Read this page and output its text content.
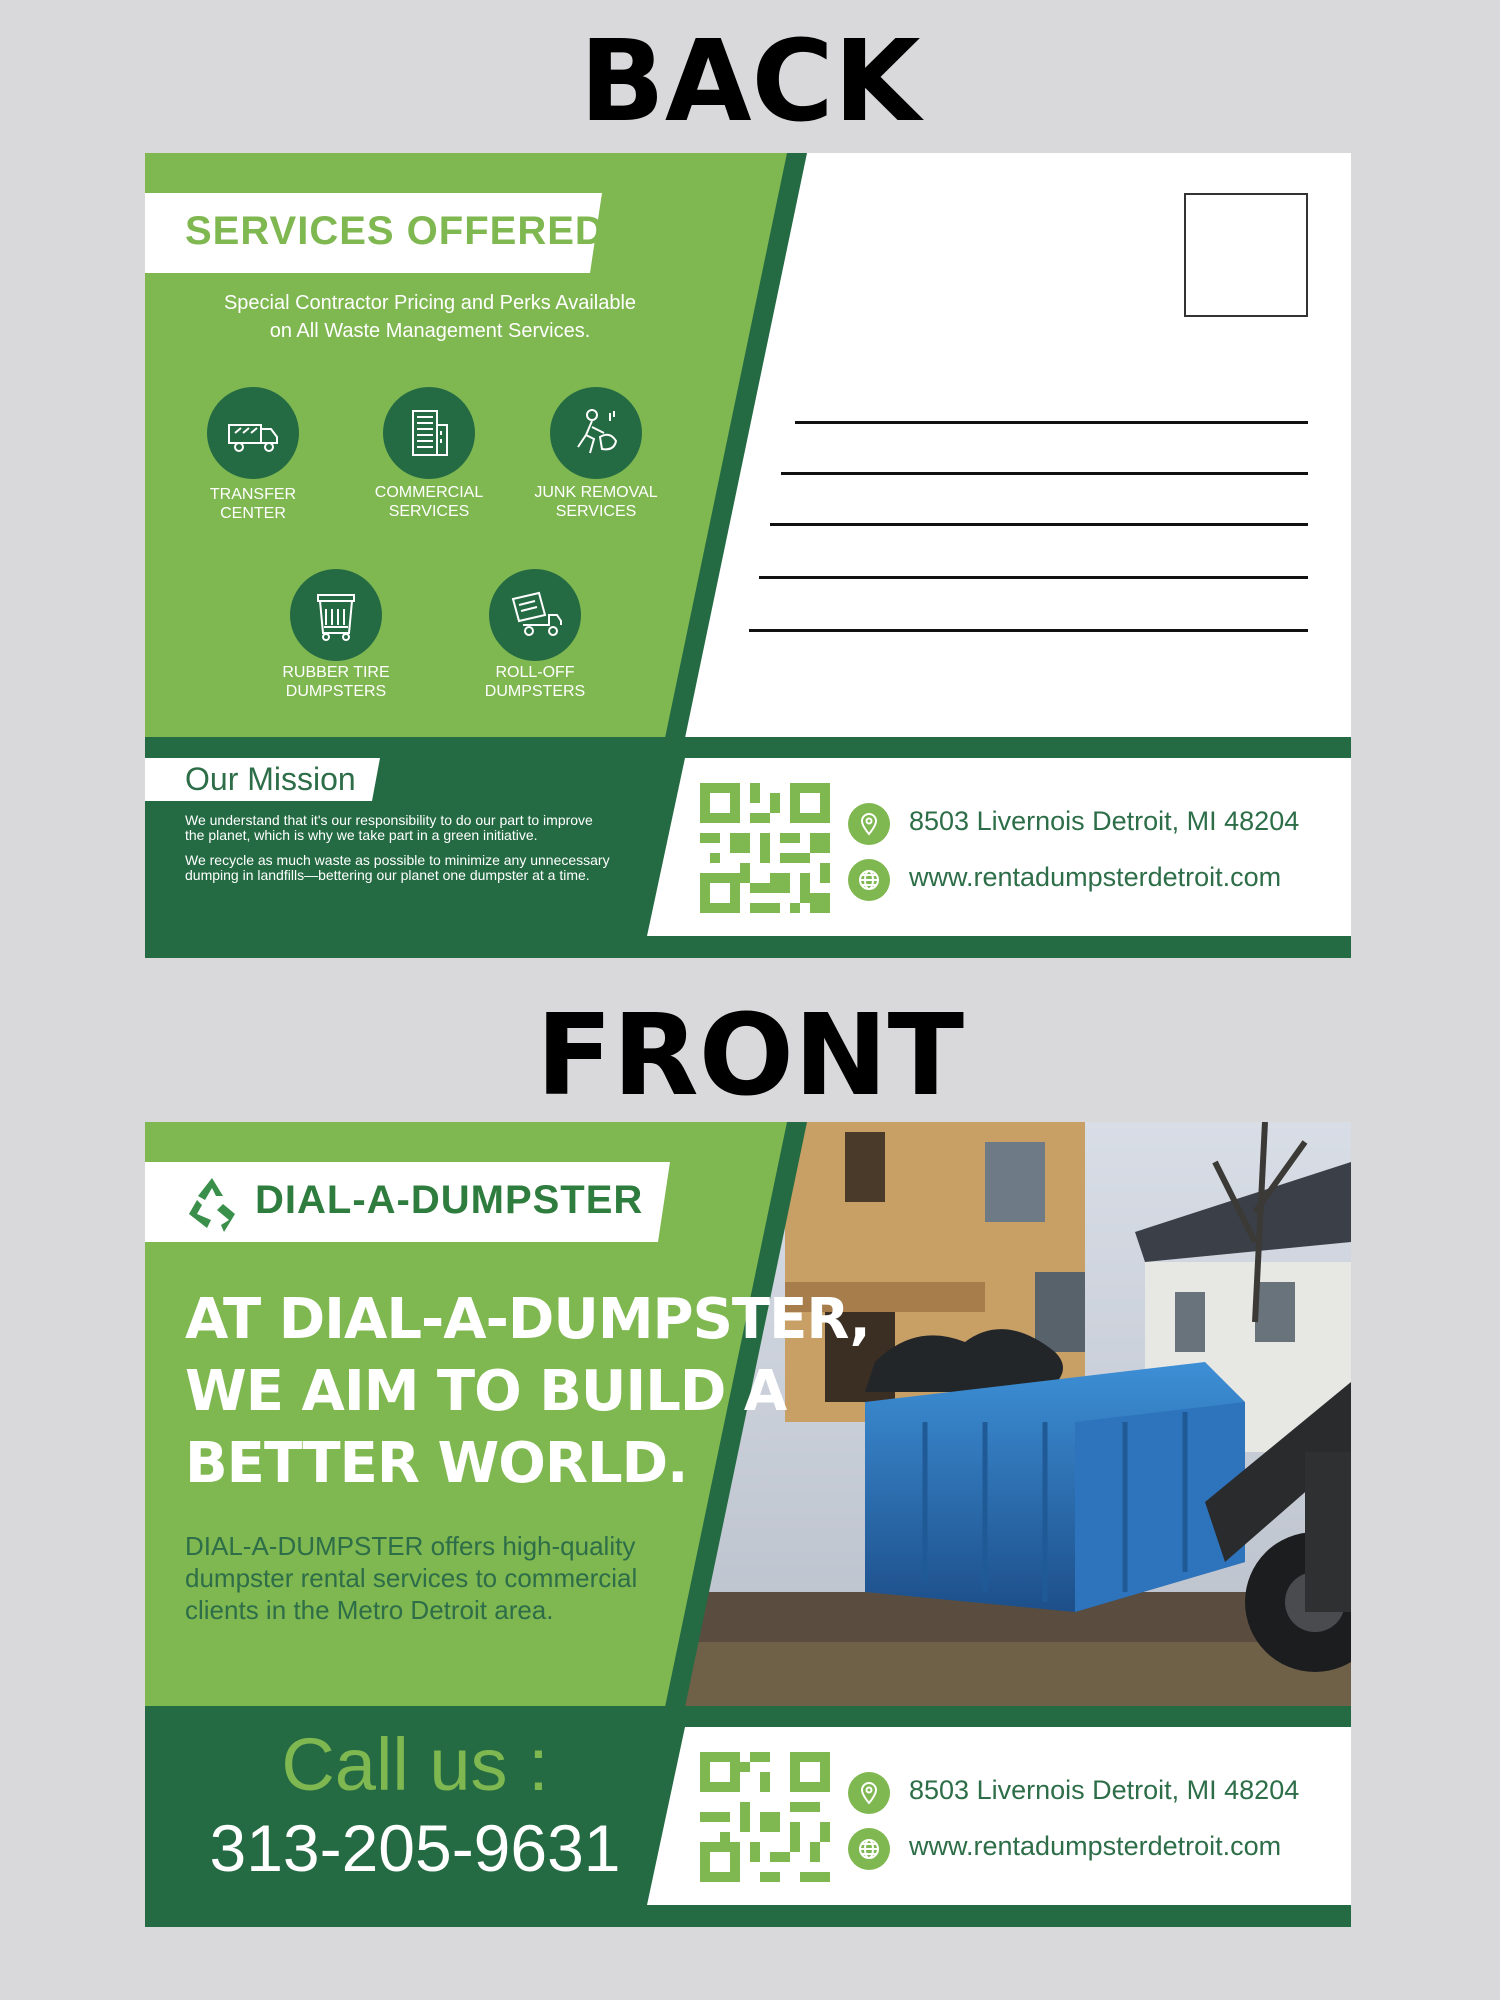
BACK
SERVICES OFFERED
Special Contractor Pricing and Perks Available
on All Waste Management Services.
TRANSFER
CENTER
COMMERCIAL
SERVICES
JUNK REMOVAL
SERVICES
RUBBER TIRE
DUMPSTERS
ROLL-OFF
DUMPSTERS
Our Mission
We understand that it's our responsibility to do our part to improve
the planet, which is why we take part in a green initiative.
We recycle as much waste as possible to minimize any unnecessary
dumping in landfills—bettering our planet one dumpster at a time.
8503 Livernois Detroit, MI 48204
www.rentadumpsterdetroit.com
FRONT
DIAL-A-DUMPSTER
AT DIAL-A-DUMPSTER,
WE AIM TO BUILD A
BETTER WORLD.
DIAL-A-DUMPSTER offers high-quality
dumpster rental services to commercial
clients in the Metro Detroit area.
Call us :
313-205-9631
8503 Livernois Detroit, MI 48204
www.rentadumpsterdetroit.com
